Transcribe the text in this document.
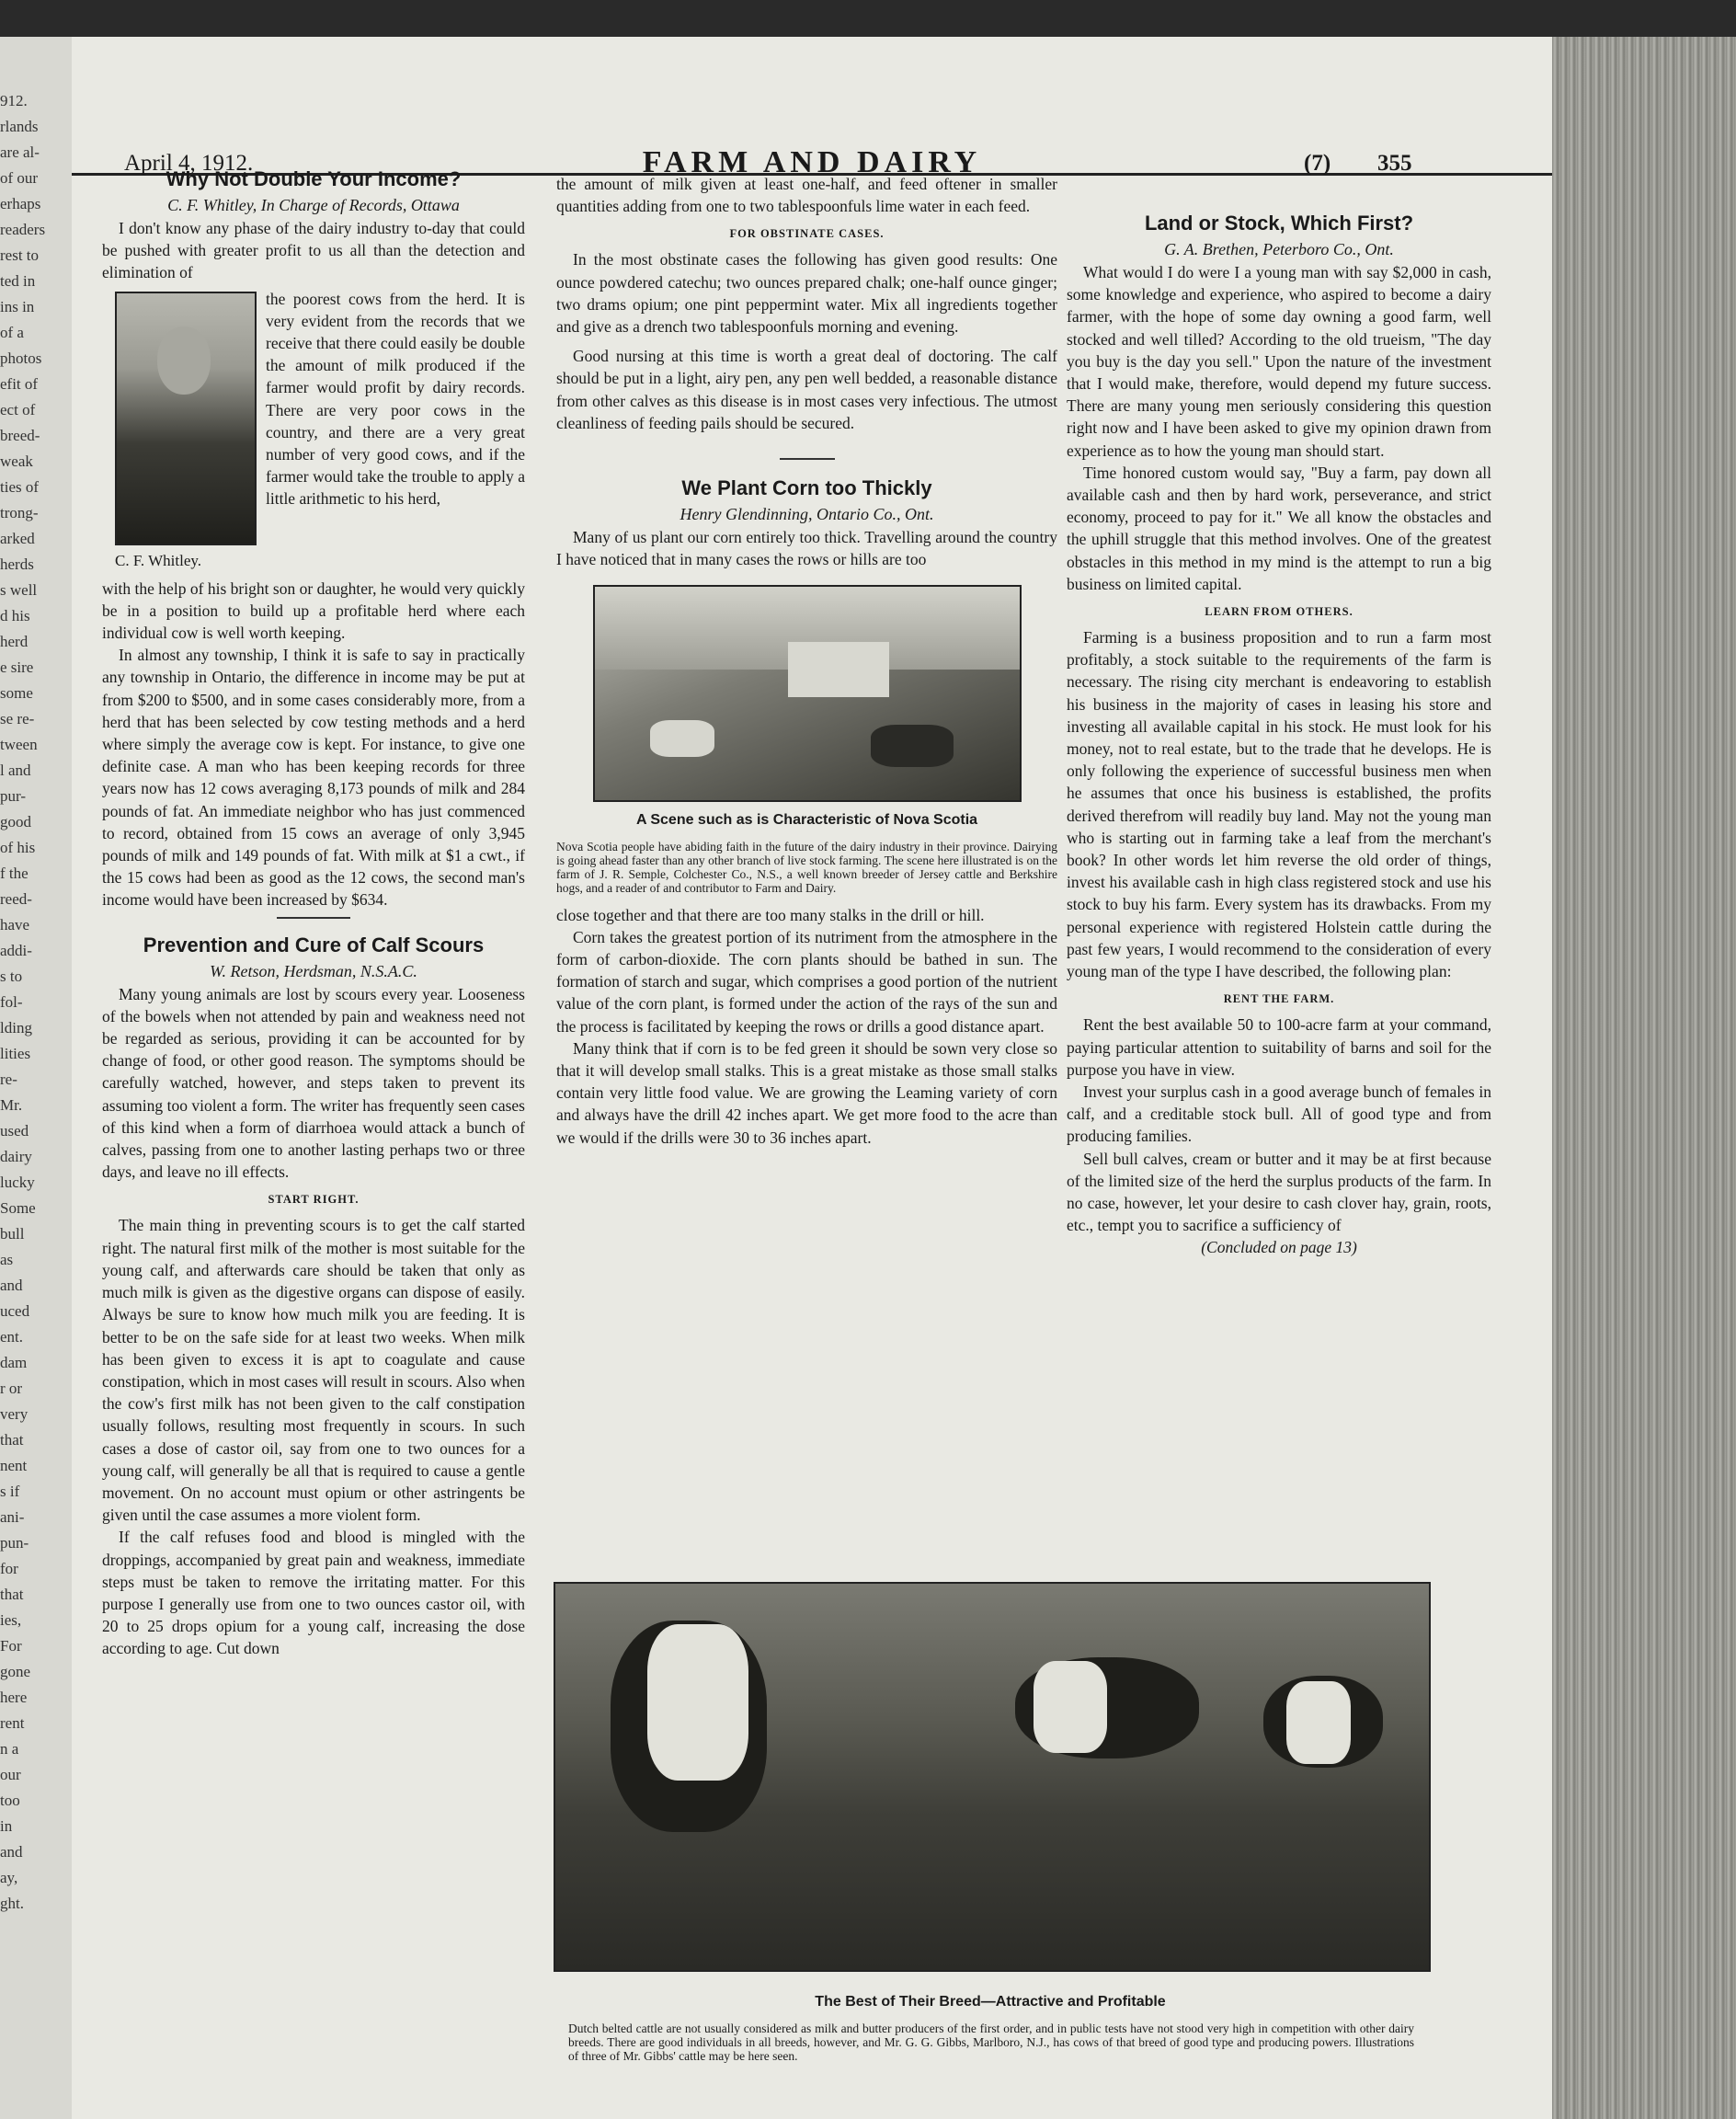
912.
rlands
are al-
of our
erhaps
readers
rest to
ted in
ins in
of a
photos
efit of
ect of
breed-
weak
ties of
trong-
arked
herds
s well
d his
herd
e sire
some
se re-
tween
l and
pur-
good
of his
f the
reed-
have
addi-
s to
fol-
lding
lities
re-
Mr.
used
dairy
lucky
Some
bull
as
and
uced
ent.
dam
r or
very
that
nent
s if
ani-
pun-
for
that
ies,
For
gone
here
rent
n a
our
too
in
and
ay,
ght.
April 4, 1912.	FARM AND DAIRY	(7) 355
Why Not Double Your Income?
C. F. Whitley, In Charge of Records, Ottawa

I don't know any phase of the dairy industry to-day that could be pushed with greater profit to us all than the detection and elimination of

C. F. Whitley.
the poorest cows from the herd. It is very evident from the records that we receive that there could easily be double the amount of milk produced if the farmer would profit by dairy records. There are very poor cows in the country, and there are a very great number of very good cows, and if the farmer would take the trouble to apply a little arithmetic to his herd,

with the help of his bright son or daughter, he would very quickly be in a position to build up a profitable herd where each individual cow is well worth keeping.

In almost any township, I think it is safe to say in practically any township in Ontario, the difference in income may be put at from $200 to $500, and in some cases considerably more, from a herd that has been selected by cow testing methods and a herd where simply the average cow is kept. For instance, to give one definite case. A man who has been keeping records for three years now has 12 cows averaging 8,173 pounds of milk and 284 pounds of fat. An immediate neighbor who has just commenced to record, obtained from 15 cows an average of only 3,945 pounds of milk and 149 pounds of fat. With milk at $1 a cwt., if the 15 cows had been as good as the 12 cows, the second man's income would have been increased by $634.

Prevention and Cure of Calf Scours
W. Retson, Herdsman, N.S.A.C.

Many young animals are lost by scours every year. Looseness of the bowels when not attended by pain and weakness need not be regarded as serious, providing it can be accounted for by change of food, or other good reason. The symptoms should be carefully watched, however, and steps taken to prevent its assuming too violent a form. The writer has frequently seen cases of this kind when a form of diarrhoea would attack a bunch of calves, passing from one to another lasting perhaps two or three days, and leave no ill effects.

START RIGHT.

The main thing in preventing scours is to get the calf started right. The natural first milk of the mother is most suitable for the young calf, and afterwards care should be taken that only as much milk is given as the digestive organs can dispose of easily. Always be sure to know how much milk you are feeding. It is better to be on the safe side for at least two weeks. When milk has been given to excess it is apt to coagulate and cause constipation, which in most cases will result in scours. Also when the cow's first milk has not been given to the calf constipation usually follows, resulting most frequently in scours. In such cases a dose of castor oil, say from one to two ounces for a young calf, will generally be all that is required to cause a gentle movement. On no account must opium or other astringents be given until the case assumes a more violent form.

If the calf refuses food and blood is mingled with the droppings, accompanied by great pain and weakness, immediate steps must be taken to remove the irritating matter. For this purpose I generally use from one to two ounces castor oil, with 20 to 25 drops opium for a young calf, increasing the dose according to age. Cut down

the amount of milk given at least one-half, and feed oftener in smaller quantities adding from one to two tablespoonfuls lime water in each feed.

FOR OBSTINATE CASES.

In the most obstinate cases the following has given good results: One ounce powdered catechu; two ounces prepared chalk; one-half ounce ginger; two drams opium; one pint peppermint water. Mix all ingredients together and give as a drench two tablespoonfuls morning and evening.

Good nursing at this time is worth a great deal of doctoring. The calf should be put in a light, airy pen, any pen well bedded, a reasonable distance from other calves as this disease is in most cases very infectious. The utmost cleanliness of feeding pails should be secured.

We Plant Corn too Thickly
Henry Glendinning, Ontario Co., Ont.

Many of us plant our corn entirely too thick. Travelling around the country I have noticed that in many cases the rows or hills are too

A Scene such as is Characteristic of Nova Scotia
Nova Scotia people have abiding faith in the future of the dairy industry in their province. Dairying is going ahead faster than any other branch of live stock farming. The scene here illustrated is on the farm of J. R. Semple, Colchester Co., N.S., a well known breeder of Jersey cattle and Berkshire hogs, and a reader of and contributor to Farm and Dairy.

close together and that there are too many stalks in the drill or hill.

Corn takes the greatest portion of its nutriment from the atmosphere in the form of carbon-dioxide. The corn plants should be bathed in sun. The formation of starch and sugar, which comprises a good portion of the nutrient value of the corn plant, is formed under the action of the rays of the sun and the process is facilitated by keeping the rows or drills a good distance apart.

Many think that if corn is to be fed green it should be sown very close so that it will develop small stalks. This is a great mistake as those small stalks contain very little food value. We are growing the Leaming variety of corn and always have the drill 42 inches apart. We get more food to the acre than we would if the drills were 30 to 36 inches apart.

Land or Stock, Which First?
G. A. Brethen, Peterboro Co., Ont.

What would I do were I a young man with say $2,000 in cash, some knowledge and experience, who aspired to become a dairy farmer, with the hope of some day owning a good farm, well stocked and well tilled? According to the old trueism, "The day you buy is the day you sell." Upon the nature of the investment that I would make, therefore, would depend my future success. There are many young men seriously considering this question right now and I have been asked to give my opinion drawn from experience as to how the young man should start.

Time honored custom would say, "Buy a farm, pay down all available cash and then by hard work, perseverance, and strict economy, proceed to pay for it." We all know the obstacles and the uphill struggle that this method involves. One of the greatest obstacles in this method in my mind is the attempt to run a big business on limited capital.

LEARN FROM OTHERS.

Farming is a business proposition and to run a farm most profitably, a stock suitable to the requirements of the farm is necessary. The rising city merchant is endeavoring to establish his business in the majority of cases in leasing his store and investing all available capital in his stock. He must look for his money, not to real estate, but to the trade that he develops. He is only following the experience of successful business men when he assumes that once his business is established, the profits derived therefrom will readily buy land. May not the young man who is starting out in farming take a leaf from the merchant's book? In other words let him reverse the old order of things, invest his available cash in high class registered stock and use his stock to buy his farm. Every system has its drawbacks. From my personal experience with registered Holstein cattle during the past few years, I would recommend to the consideration of every young man of the type I have described, the following plan:

RENT THE FARM.

Rent the best available 50 to 100-acre farm at your command, paying particular attention to suitability of barns and soil for the purpose you have in view.

Invest your surplus cash in a good average bunch of females in calf, and a creditable stock bull. All of good type and from producing families.

Sell bull calves, cream or butter and it may be at first because of the limited size of the herd the surplus products of the farm. In no case, however, let your desire to cash clover hay, grain, roots, etc., tempt you to sacrifice a sufficiency of

(Concluded on page 13)
The Best of Their Breed—Attractive and Profitable
Dutch belted cattle are not usually considered as milk and butter producers of the first order, and in public tests have not stood very high in competition with other dairy breeds. There are good individuals in all breeds, however, and Mr. G. G. Gibbs, Marlboro, N.J., has cows of that breed of good type and producing powers. Illustrations of three of Mr. Gibbs' cattle may be here seen.
